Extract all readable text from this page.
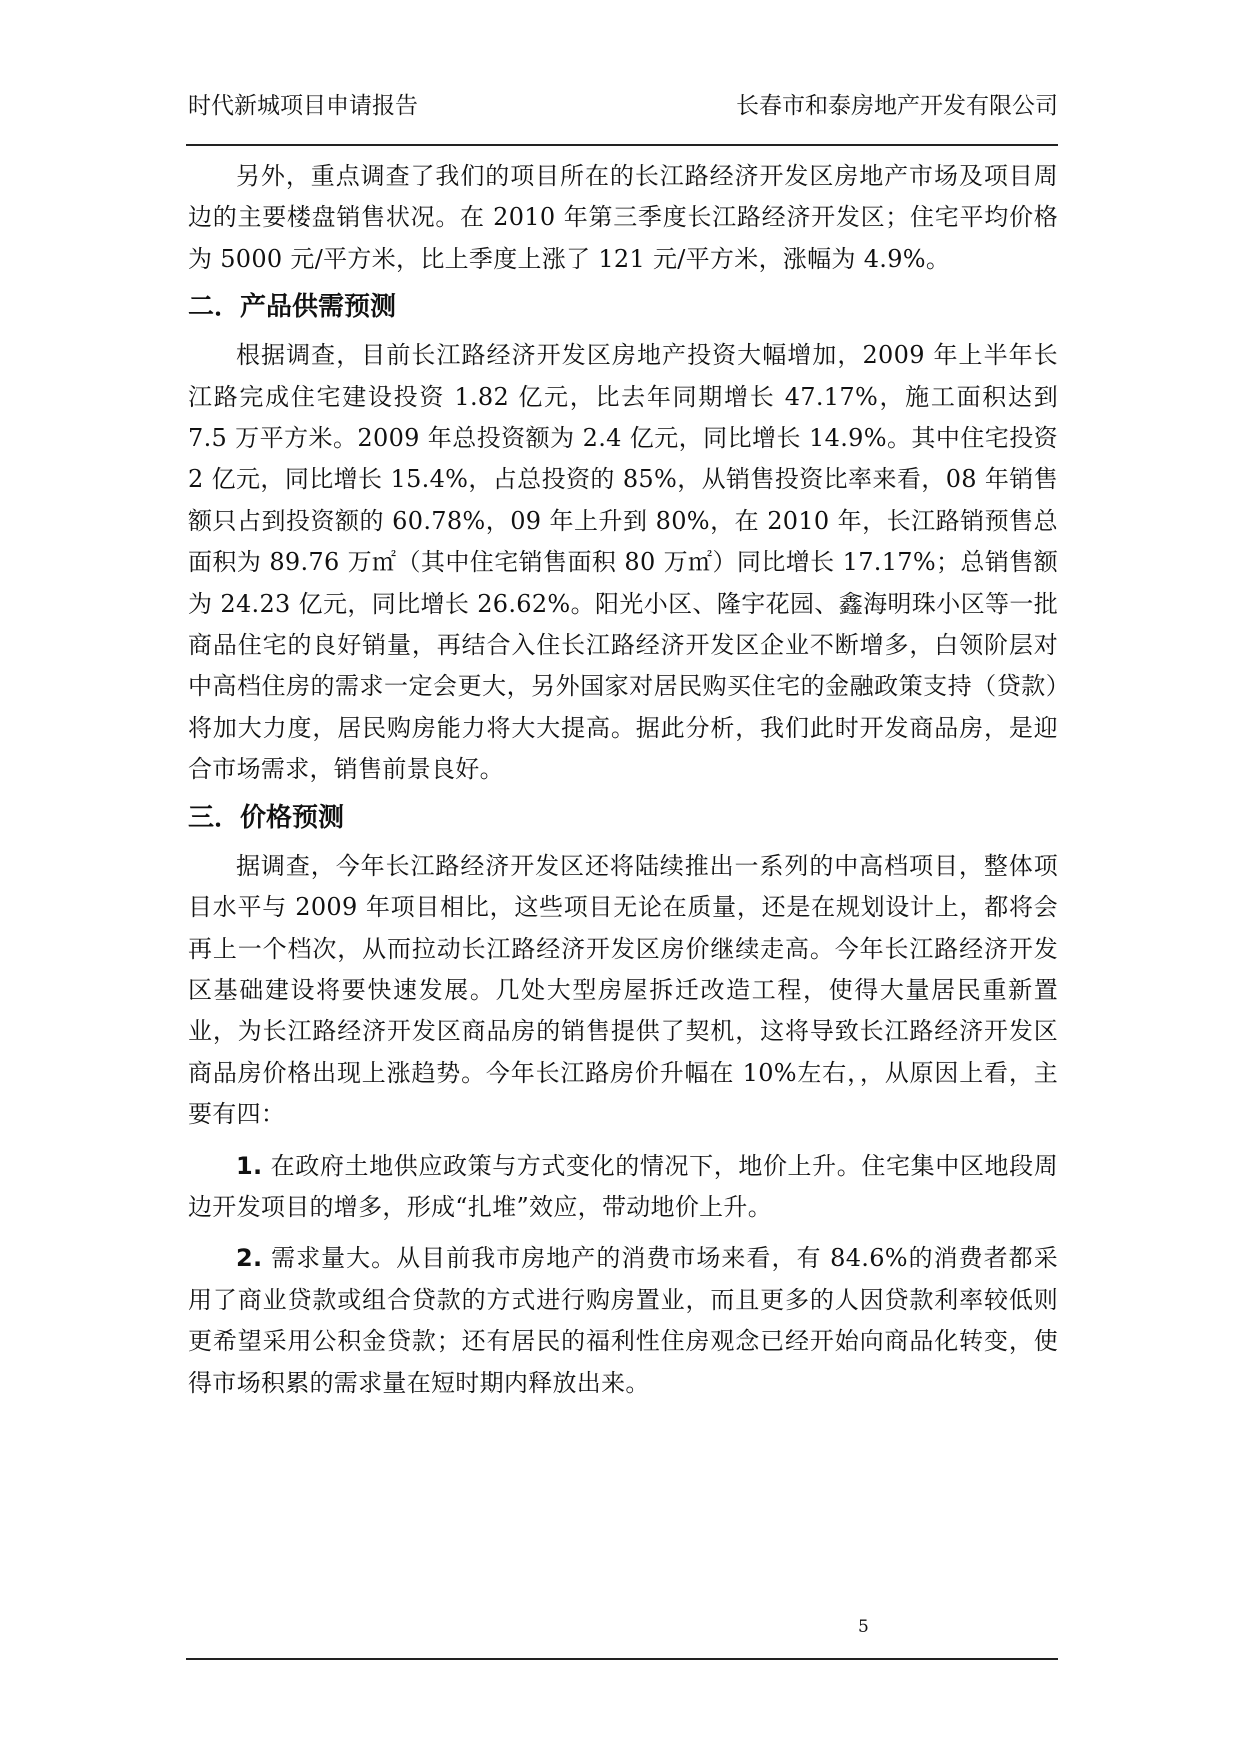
时代新城项目申请报告	长春市和泰房地产开发有限公司

另外，重点调查了我们的项目所在的长江路经济开发区房地产市场及项目周边的主要楼盘销售状况。在 2010 年第三季度长江路经济开发区；住宅平均价格为 5000 元/平方米，比上季度上涨了 121 元/平方米，涨幅为 4.9%。

二．产品供需预测

根据调查，目前长江路经济开发区房地产投资大幅增加，2009 年上半年长江路完成住宅建设投资 1.82 亿元，比去年同期增长 47.17%，施工面积达到 7.5 万平方米。2009 年总投资额为 2.4 亿元，同比增长 14.9%。其中住宅投资 2 亿元，同比增长 15.4%，占总投资的 85%，从销售投资比率来看，08 年销售额只占到投资额的 60.78%，09 年上升到 80%，在 2010 年，长江路销预售总面积为 89.76 万㎡（其中住宅销售面积 80 万㎡）同比增长 17.17%；总销售额为 24.23 亿元，同比增长 26.62%。阳光小区、隆宇花园、鑫海明珠小区等一批商品住宅的良好销量，再结合入住长江路经济开发区企业不断增多，白领阶层对中高档住房的需求一定会更大，另外国家对居民购买住宅的金融政策支持（贷款）将加大力度，居民购房能力将大大提高。据此分析，我们此时开发商品房，是迎合市场需求，销售前景良好。

三．价格预测

据调查，今年长江路经济开发区还将陆续推出一系列的中高档项目，整体项目水平与 2009 年项目相比，这些项目无论在质量，还是在规划设计上，都将会再上一个档次，从而拉动长江路经济开发区房价继续走高。今年长江路经济开发区基础建设将要快速发展。几处大型房屋拆迁改造工程，使得大量居民重新置业，为长江路经济开发区商品房的销售提供了契机，这将导致长江路经济开发区商品房价格出现上涨趋势。今年长江路房价升幅在 10%左右，，从原因上看，主要有四：

1. 在政府土地供应政策与方式变化的情况下，地价上升。住宅集中区地段周边开发项目的增多，形成“扎堆”效应，带动地价上升。

2. 需求量大。从目前我市房地产的消费市场来看，有 84.6%的消费者都采用了商业贷款或组合贷款的方式进行购房置业，而且更多的人因贷款利率较低则更希望采用公积金贷款；还有居民的福利性住房观念已经开始向商品化转变，使得市场积累的需求量在短时期内释放出来。

5
